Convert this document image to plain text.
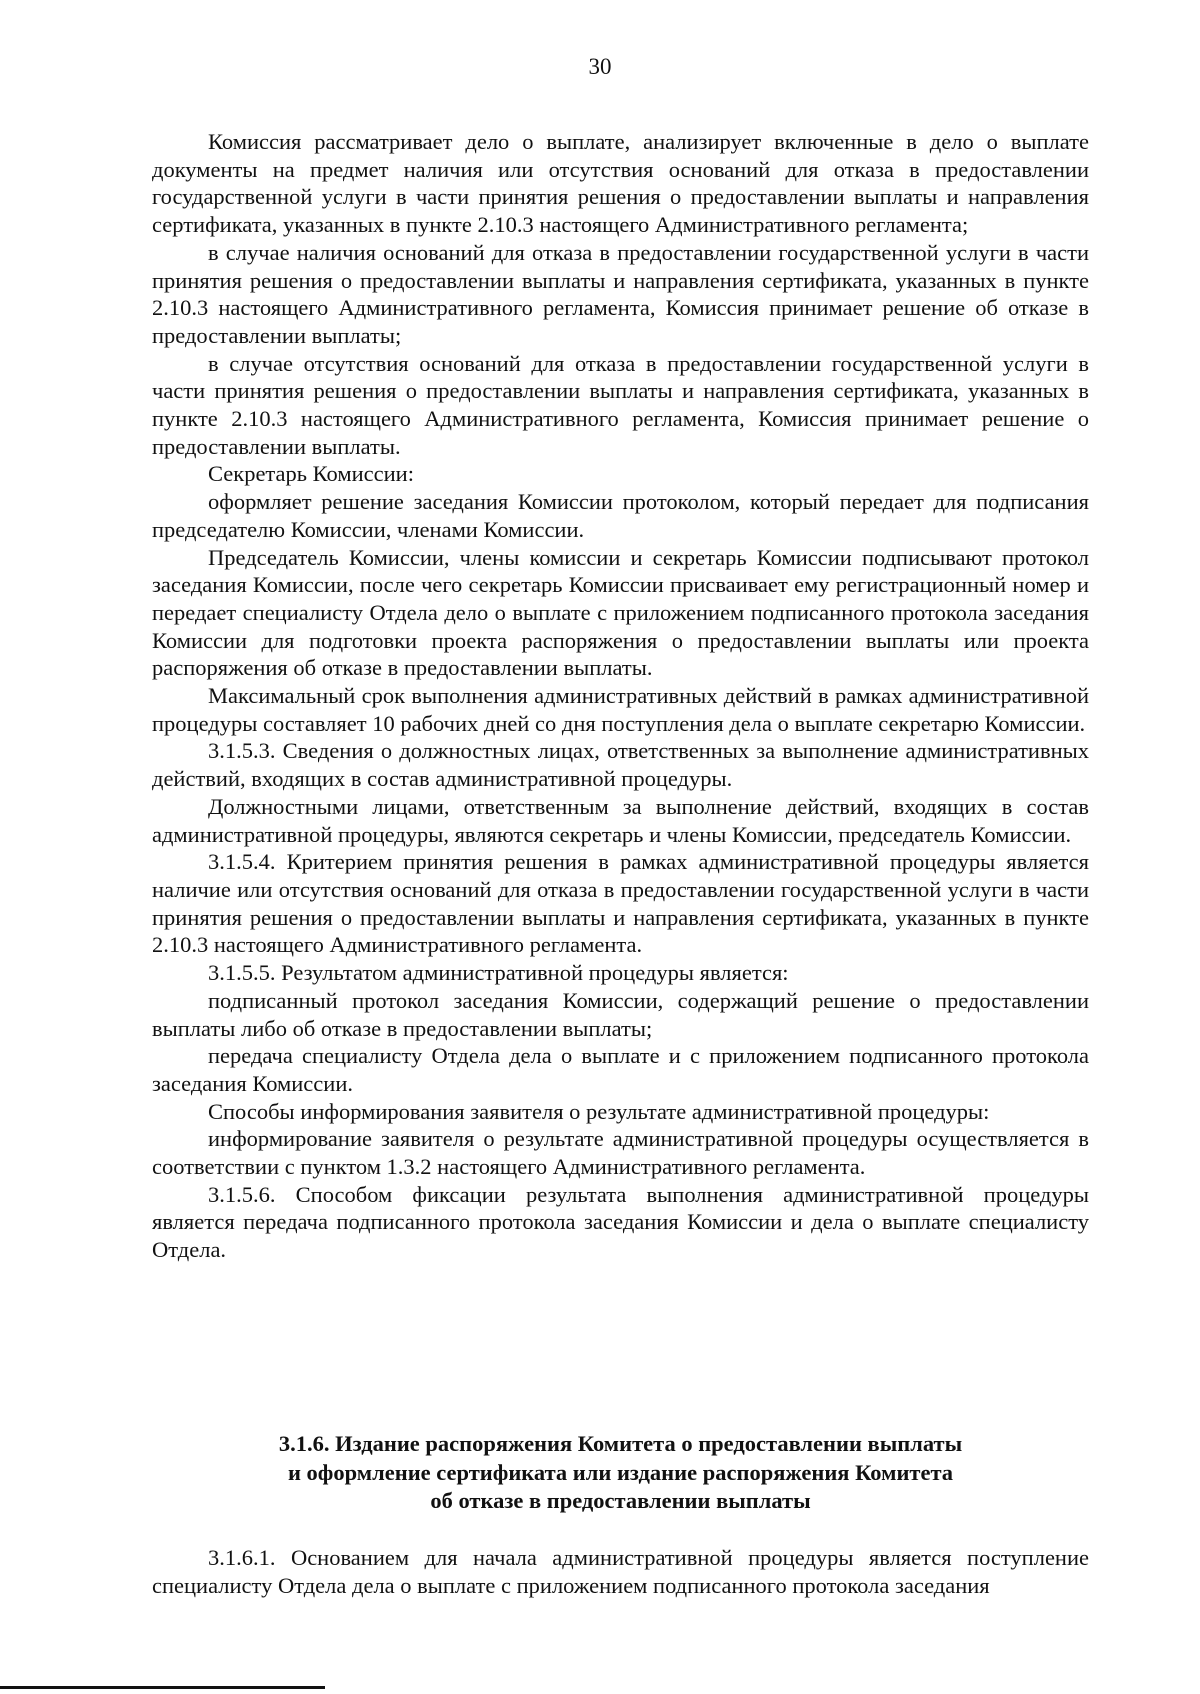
30

Комиссия рассматривает дело о выплате, анализирует включенные в дело о выплате документы на предмет наличия или отсутствия оснований для отказа в предоставлении государственной услуги в части принятия решения о предоставлении выплаты и направления сертификата, указанных в пункте 2.10.3 настоящего Административного регламента;

в случае наличия оснований для отказа в предоставлении государственной услуги в части принятия решения о предоставлении выплаты и направления сертификата, указанных в пункте 2.10.3 настоящего Административного регламента, Комиссия принимает решение об отказе в предоставлении выплаты;

в случае отсутствия оснований для отказа в предоставлении государственной услуги в части принятия решения о предоставлении выплаты и направления сертификата, указанных в пункте 2.10.3 настоящего Административного регламента, Комиссия принимает решение о предоставлении выплаты.

Секретарь Комиссии:

оформляет решение заседания Комиссии протоколом, который передает для подписания председателю Комиссии, членами Комиссии.

Председатель Комиссии, члены комиссии и секретарь Комиссии подписывают протокол заседания Комиссии, после чего секретарь Комиссии присваивает ему регистрационный номер и передает специалисту Отдела дело о выплате с приложением подписанного протокола заседания Комиссии для подготовки проекта распоряжения о предоставлении выплаты или проекта распоряжения об отказе в предоставлении выплаты.

Максимальный срок выполнения административных действий в рамках административной процедуры составляет 10 рабочих дней со дня поступления дела о выплате секретарю Комиссии.

3.1.5.3. Сведения о должностных лицах, ответственных за выполнение административных действий, входящих в состав административной процедуры.

Должностными лицами, ответственным за выполнение действий, входящих в состав административной процедуры, являются секретарь и члены Комиссии, председатель Комиссии.

3.1.5.4. Критерием принятия решения в рамках административной процедуры является наличие или отсутствия оснований для отказа в предоставлении государственной услуги в части принятия решения о предоставлении выплаты и направления сертификата, указанных в пункте 2.10.3 настоящего Административного регламента.

3.1.5.5. Результатом административной процедуры является:

подписанный протокол заседания Комиссии, содержащий решение о предоставлении выплаты либо об отказе в предоставлении выплаты;

передача специалисту Отдела дела о выплате и с приложением подписанного протокола заседания Комиссии.

Способы информирования заявителя о результате административной процедуры:

информирование заявителя о результате административной процедуры осуществляется в соответствии с пунктом 1.3.2 настоящего Административного регламента.

3.1.5.6. Способом фиксации результата выполнения административной процедуры является передача подписанного протокола заседания Комиссии и дела о выплате специалисту Отдела.

3.1.6. Издание распоряжения Комитета о предоставлении выплаты
и оформление сертификата или издание распоряжения Комитета
об отказе в предоставлении выплаты

3.1.6.1. Основанием для начала административной процедуры является поступление специалисту Отдела дела о выплате с приложением подписанного протокола заседания
